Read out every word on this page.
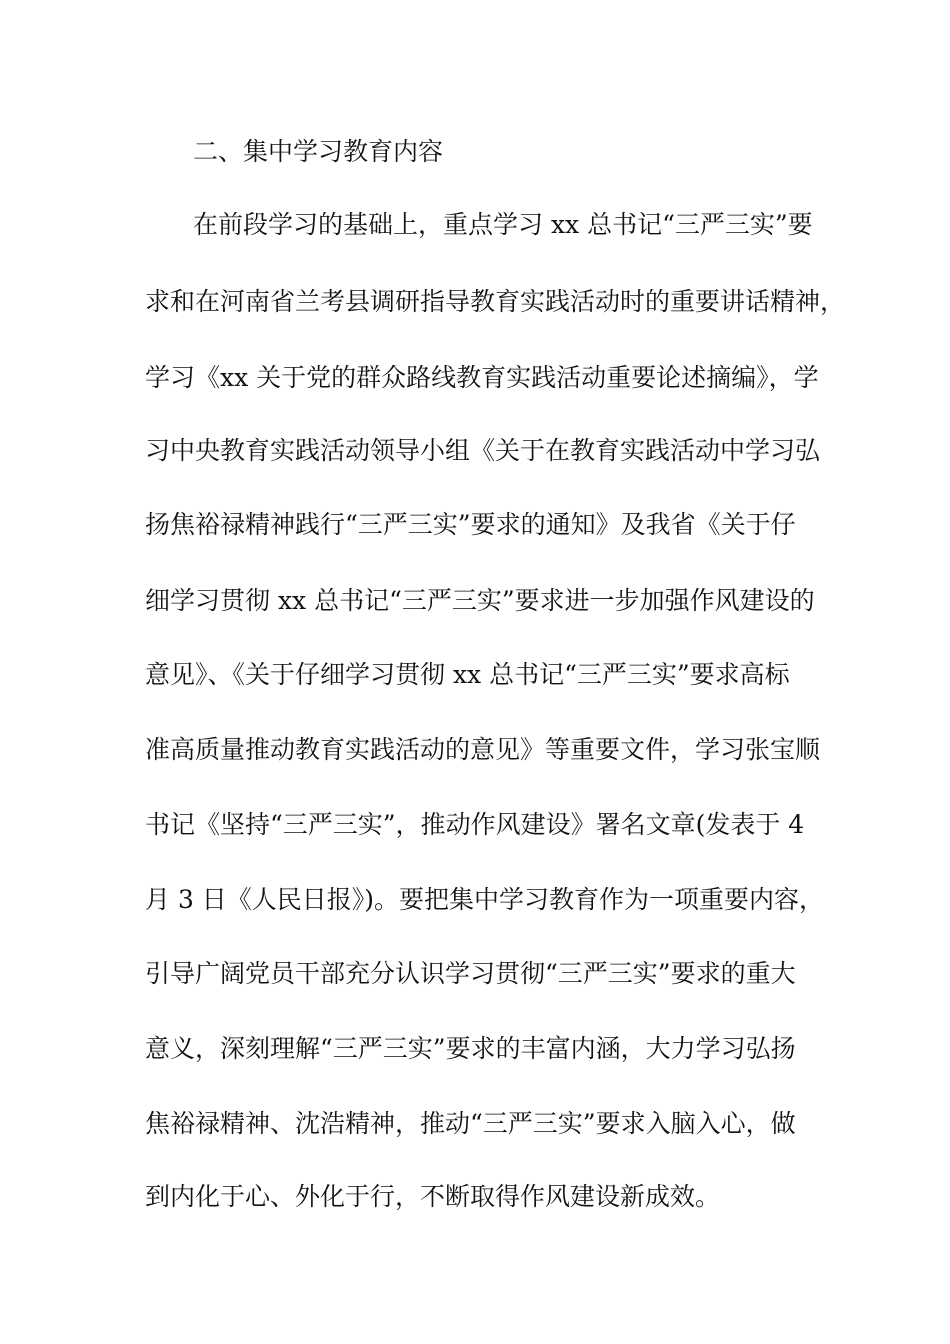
二、集中学习教育内容
在前段学习的基础上，重点学习 xx 总书记“三严三实”要
求和在河南省兰考县调研指导教育实践活动时的重要讲话精神，
学习《xx 关于党的群众路线教育实践活动重要论述摘编》，学
习中央教育实践活动领导小组《关于在教育实践活动中学习弘
扬焦裕禄精神践行“三严三实”要求的通知》及我省《关于仔
细学习贯彻 xx 总书记“三严三实”要求进一步加强作风建设的
意见》、《关于仔细学习贯彻 xx 总书记“三严三实”要求高标
准高质量推动教育实践活动的意见》等重要文件，学习张宝顺
书记《坚持“三严三实”，推动作风建设》署名文章(发表于 4
月 3 日《人民日报》)。要把集中学习教育作为一项重要内容，
引导广阔党员干部充分认识学习贯彻“三严三实”要求的重大
意义，深刻理解“三严三实”要求的丰富内涵，大力学习弘扬
焦裕禄精神、沈浩精神，推动“三严三实”要求入脑入心，做
到内化于心、外化于行，不断取得作风建设新成效。
